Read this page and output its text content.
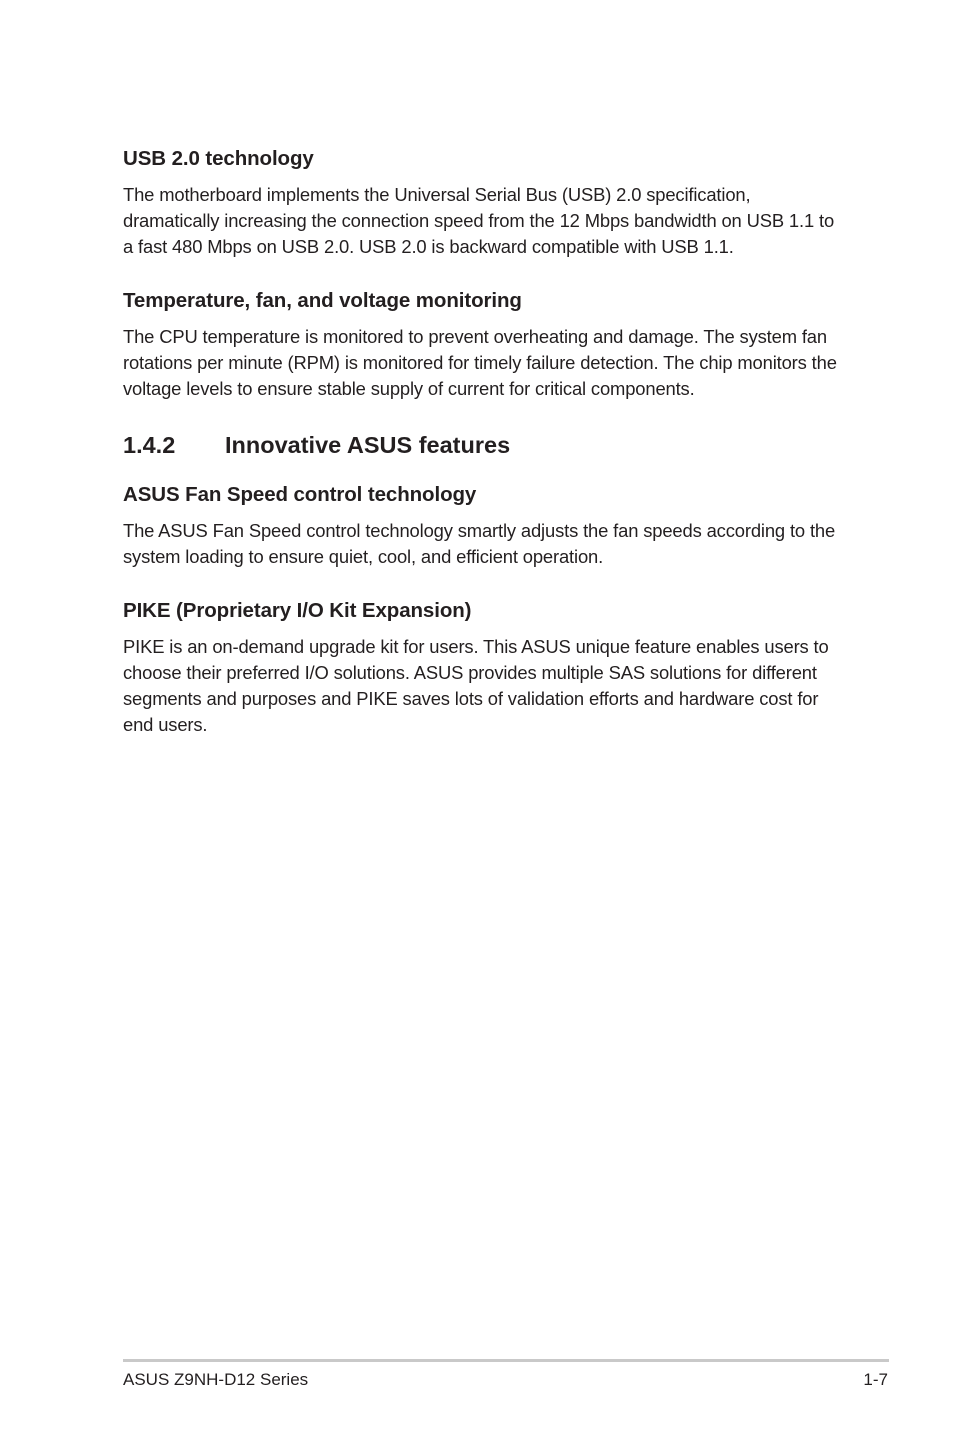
USB 2.0 technology

The motherboard implements the Universal Serial Bus (USB) 2.0 specification, dramatically increasing the connection speed from the 12 Mbps bandwidth on USB 1.1 to a fast 480 Mbps on USB 2.0. USB 2.0 is backward compatible with USB 1.1.

Temperature, fan, and voltage monitoring

The CPU temperature is monitored to prevent overheating and damage. The system fan rotations per minute (RPM) is monitored for timely failure detection. The chip monitors the voltage levels to ensure stable supply of current for critical components.

1.4.2	Innovative ASUS features
ASUS Fan Speed control technology

The ASUS Fan Speed control technology smartly adjusts the fan speeds according to the system loading to ensure quiet, cool, and efficient operation.

PIKE (Proprietary I/O Kit Expansion)

PIKE is an on-demand upgrade kit for users. This ASUS unique feature enables users to choose their preferred I/O solutions. ASUS provides multiple SAS solutions for different segments and purposes and PIKE saves lots of validation efforts and hardware cost for end users.

ASUS Z9NH-D12 Series	1-7
